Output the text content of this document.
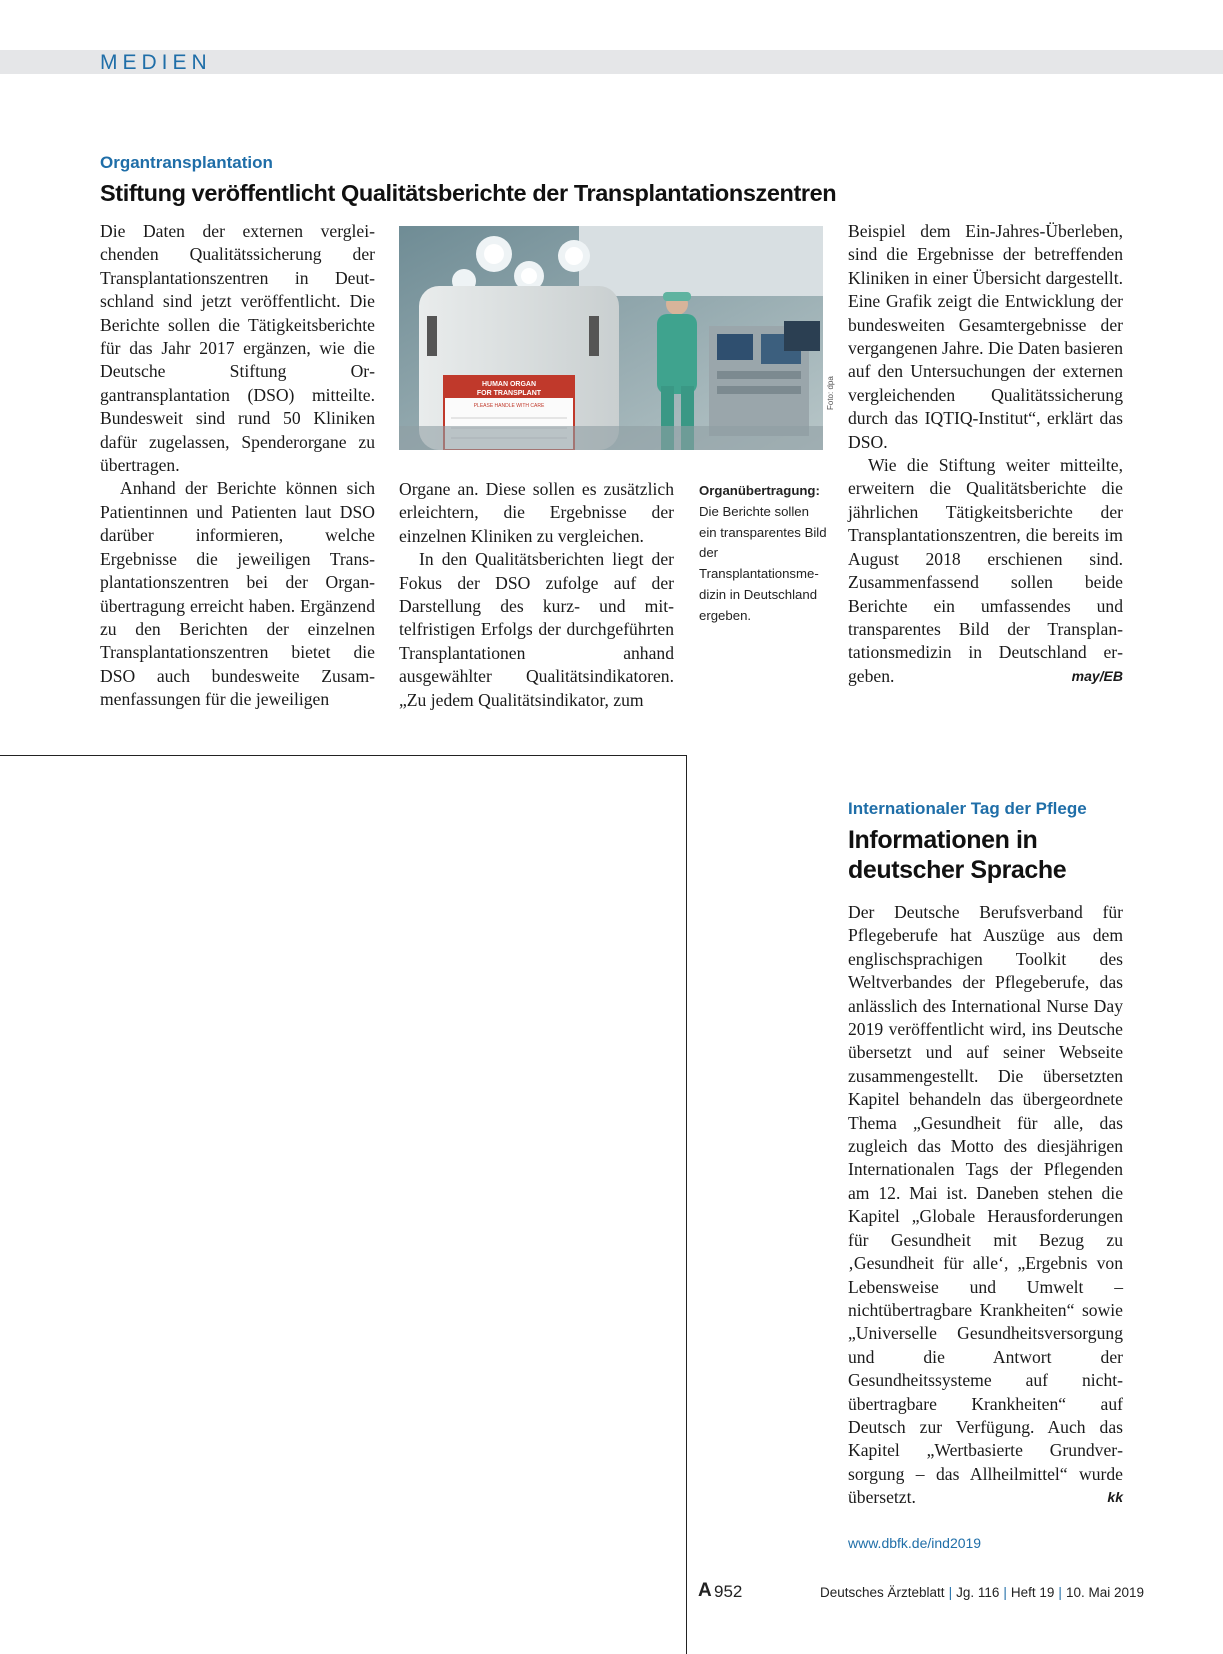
MEDIEN
Organtransplantation
Stiftung veröffentlicht Qualitätsberichte der Transplantationszentren

Die Daten der externen vergleichenden Qualitätssicherung der Transplantationszentren in Deutschland sind jetzt veröffentlicht. Die Berichte sollen die Tätigkeitsberichte für das Jahr 2017 ergänzen, wie die Deutsche Stiftung Organtransplantation (DSO) mitteilte. Bundesweit sind rund 50 Kliniken dafür zugelassen, Spenderorgane zu übertragen.

Anhand der Berichte können sich Patientinnen und Patienten laut DSO darüber informieren, welche Ergebnisse die jeweiligen Transplantationszentren bei der Organübertragung erreicht haben. Ergänzend zu den Berichten der einzelnen Transplantationszentren bietet die DSO auch bundesweite Zusammenfassungen für die jeweiligen

HUMAN ORGAN
FOR TRANSPLANT
PLEASE HANDLE WITH CARE	Foto: dpa

Organe an. Diese sollen es zusätzlich erleichtern, die Ergebnisse der einzelnen Kliniken zu vergleichen.

In den Qualitätsberichten liegt der Fokus der DSO zufolge auf der Darstellung des kurz- und mittelfristigen Erfolgs der durchgeführten Transplantationen anhand ausgewählter Qualitätsindikatoren. „Zu jedem Qualitätsindikator, zum

Organübertragung: Die Berichte sollen ein transparentes Bild der Transplantationsmedizin in Deutschland ergeben.

Beispiel dem Ein-Jahres-Überleben, sind die Ergebnisse der betreffenden Kliniken in einer Übersicht dargestellt. Eine Grafik zeigt die Entwicklung der bundesweiten Gesamtergebnisse der vergangenen Jahre. Die Daten basieren auf den Untersuchungen der externen vergleichenden Qualitätssicherung durch das IQTIQ-Institut“, erklärt das DSO.

Wie die Stiftung weiter mitteilte, erweitern die Qualitätsberichte die jährlichen Tätigkeitsberichte der Transplantationszentren, die bereits im August 2018 erschienen sind. Zusammenfassend sollen beide Berichte ein umfassendes und transparentes Bild der Transplantationsmedizin in Deutschland ergeben.	may/EB

Internationaler Tag der Pflege
Informationen in
deutscher Sprache

Der Deutsche Berufsverband für Pflegeberufe hat Auszüge aus dem englischsprachigen Toolkit des Weltverbandes der Pflegeberufe, das anlässlich des International Nurse Day 2019 veröffentlicht wird, ins Deutsche übersetzt und auf seiner Webseite zusammengestellt. Die übersetzten Kapitel behandeln das übergeordnete Thema „Gesundheit für alle, das zugleich das Motto des diesjährigen Internationalen Tags der Pflegenden am 12. Mai ist. Daneben stehen die Kapitel „Globale Herausforderungen für Gesundheit mit Bezug zu ‚Gesundheit für alle‘, „Ergebnis von Lebensweise und Umwelt – nichtübertragbare Krankheiten“ sowie „Universelle Gesundheitsversorgung und die Antwort der Gesundheitssysteme auf nichtübertragbare Krankheiten“ auf Deutsch zur Verfügung. Auch das Kapitel „Wertbasierte Grundversorgung – das Allheilmittel“ wurde übersetzt.	kk

www.dbfk.de/ind2019
A 952	Deutsches Ärzteblatt | Jg. 116 | Heft 19 | 10. Mai 2019
